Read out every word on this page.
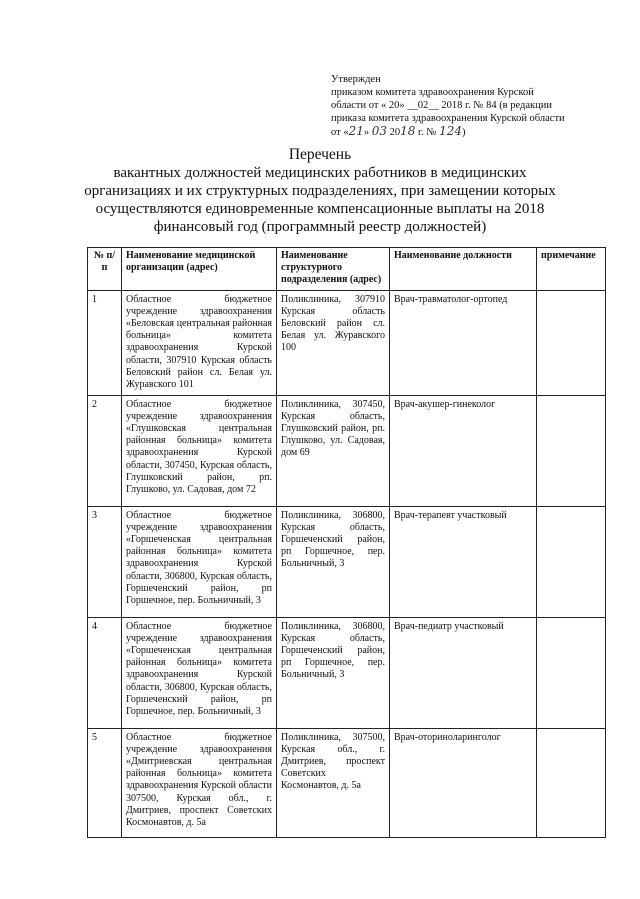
Утвержден
приказом комитета здравоохранения Курской
области от « 20» __02__ 2018 г. № 84 (в редакции
приказа комитета здравоохранения Курской области
от «21» 03 2018 г. № 124)
Перечень
вакантных должностей медицинских работников в медицинских
организациях и их структурных подразделениях, при замещении которых
осуществляются единовременные компенсационные выплаты на 2018
финансовый год (программный реестр должностей)
№ п/п	Наименование медицинской организации (адрес)	Наименование структурного подразделения (адрес)	Наименование должности	примечание
1	Областное бюджетное учреждение здравоохранения «Беловская центральная районная больница» комитета здравоохранения Курской области, 307910 Курская область Беловский район сл. Белая ул. Журавского 101	Поликлиника, 307910 Курская область Беловский район сл. Белая ул. Журавского 100	Врач-травматолог-ортопед	
2	Областное бюджетное учреждение здравоохранения «Глушковская центральная районная больница» комитета здравоохранения Курской области, 307450, Курская область, Глушковский район, рп. Глушково, ул. Садовая, дом 72	Поликлиника, 307450, Курская область, Глушковский район, рп. Глушково, ул. Садовая, дом 69	Врач-акушер-гинеколог	
3	Областное бюджетное учреждение здравоохранения «Горшеченская центральная районная больница» комитета здравоохранения Курской области, 306800, Курская область, Горшеченский район, рп Горшечное, пер. Больничный, 3	Поликлиника, 306800, Курская область, Горшеченский район, рп Горшечное, пер. Больничный, 3	Врач-терапевт участковый	
4	Областное бюджетное учреждение здравоохранения «Горшеченская центральная районная больница» комитета здравоохранения Курской области, 306800, Курская область, Горшеченский район, рп Горшечное, пер. Больничный, 3	Поликлиника, 306800, Курская область, Горшеченский район, рп Горшечное, пер. Больничный, 3	Врач-педиатр участковый	
5	Областное бюджетное учреждение здравоохранения «Дмитриевская центральная районная больница» комитета здравоохранения Курской области 307500, Курская обл., г. Дмитриев, проспект Советских Космонавтов, д. 5а	Поликлиника, 307500, Курская обл., г. Дмитриев, проспект Советских Космонавтов, д. 5а	Врач-оториноларинголог	
